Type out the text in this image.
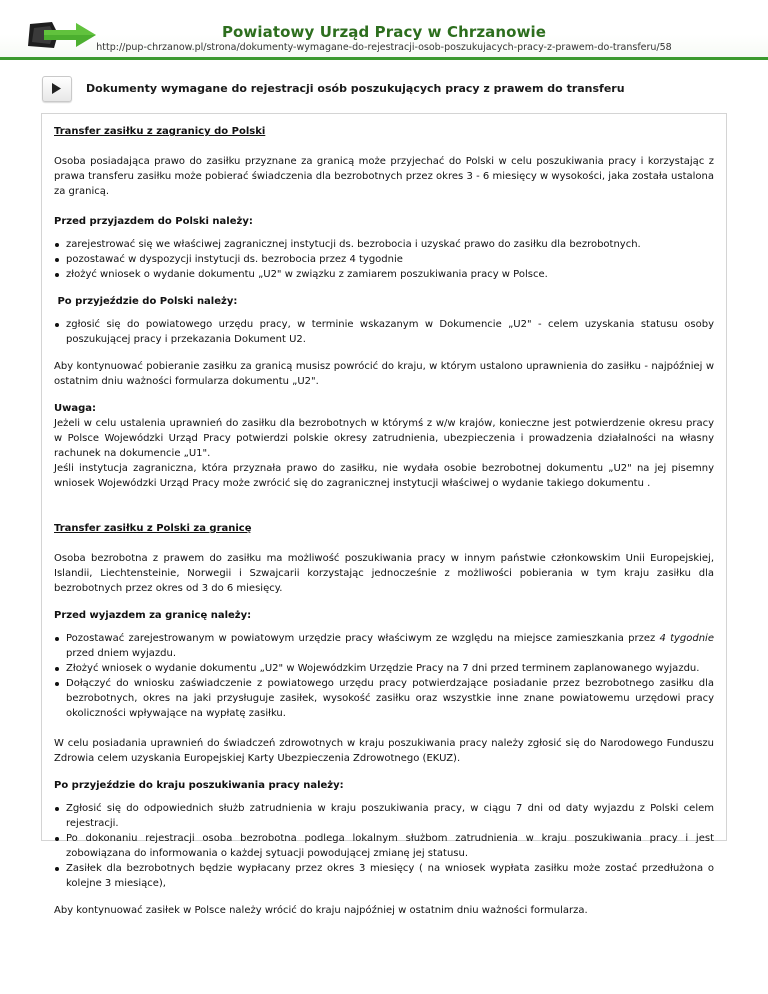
Powiatowy Urząd Pracy w Chrzanowie
http://pup-chrzanow.pl/strona/dokumenty-wymagane-do-rejestracji-osob-poszukujacych-pracy-z-prawem-do-transferu/58
Dokumenty wymagane do rejestracji osób poszukujących pracy z prawem do transferu

Transfer zasiłku z zagranicy do Polski

Osoba posiadająca prawo do zasiłku przyznane za granicą może przyjechać do Polski w celu poszukiwania pracy i korzystając z prawa transferu zasiłku może pobierać świadczenia dla bezrobotnych przez okres 3 - 6 miesięcy w wysokości, jaka została ustalona za granicą.

Przed przyjazdem do Polski należy:

zarejestrować się we właściwej zagranicznej instytucji ds. bezrobocia i uzyskać prawo do zasiłku dla bezrobotnych.
pozostawać w dyspozycji instytucji ds. bezrobocia przez 4 tygodnie
złożyć wniosek o wydanie dokumentu „U2" w związku z zamiarem poszukiwania pracy w Polsce.

Po przyjeździe do Polski należy:

zgłosić się do powiatowego urzędu pracy, w terminie wskazanym w Dokumencie „U2" - celem uzyskania statusu osoby poszukującej pracy i przekazania Dokument U2.

Aby kontynuować pobieranie zasiłku za granicą musisz powrócić do kraju, w którym ustalono uprawnienia do zasiłku - najpóźniej w ostatnim dniu ważności formularza dokumentu „U2".

Uwaga:

Jeżeli w celu ustalenia uprawnień do zasiłku dla bezrobotnych w którymś z w/w krajów, konieczne jest potwierdzenie okresu pracy w Polsce Wojewódzki Urząd Pracy potwierdzi polskie okresy zatrudnienia, ubezpieczenia i prowadzenia działalności na własny rachunek na dokumencie „U1".

Jeśli instytucja zagraniczna, która przyznała prawo do zasiłku, nie wydała osobie bezrobotnej dokumentu „U2" na jej pisemny wniosek Wojewódzki Urząd Pracy może zwrócić się do zagranicznej instytucji właściwej o wydanie takiego dokumentu .

Transfer zasiłku z Polski za granicę

Osoba bezrobotna z prawem do zasiłku ma możliwość poszukiwania pracy w innym państwie członkowskim Unii Europejskiej, Islandii, Liechtensteinie, Norwegii i Szwajcarii korzystając jednocześnie z możliwości pobierania w tym kraju zasiłku dla bezrobotnych przez okres od 3 do 6 miesięcy.

Przed wyjazdem za granicę należy:

Pozostawać zarejestrowanym w powiatowym urzędzie pracy właściwym ze względu na miejsce zamieszkania przez 4 tygodnie przed dniem wyjazdu.
Złożyć wniosek o wydanie dokumentu „U2" w Wojewódzkim Urzędzie Pracy na 7 dni przed terminem zaplanowanego wyjazdu.
Dołączyć do wniosku zaświadczenie z powiatowego urzędu pracy potwierdzające posiadanie przez bezrobotnego zasiłku dla bezrobotnych, okres na jaki przysługuje zasiłek, wysokość zasiłku oraz wszystkie inne znane powiatowemu urzędowi pracy okoliczności wpływające na wypłatę zasiłku.

W celu posiadania uprawnień do świadczeń zdrowotnych w kraju poszukiwania pracy należy zgłosić się do Narodowego Funduszu Zdrowia celem uzyskania Europejskiej Karty Ubezpieczenia Zdrowotnego (EKUZ).

Po przyjeździe do kraju poszukiwania pracy należy:

Zgłosić się do odpowiednich służb zatrudnienia w kraju poszukiwania pracy, w ciągu 7 dni od daty wyjazdu z Polski celem rejestracji.
Po dokonaniu rejestracji osoba bezrobotna podlega lokalnym służbom zatrudnienia w kraju poszukiwania pracy i jest zobowiązana do informowania o każdej sytuacji powodującej zmianę jej statusu.
Zasiłek dla bezrobotnych będzie wypłacany przez okres 3 miesięcy ( na wniosek wypłata zasiłku może zostać przedłużona o kolejne 3 miesiące),

Aby kontynuować zasiłek w Polsce należy wrócić do kraju najpóźniej w ostatnim dniu ważności formularza.
